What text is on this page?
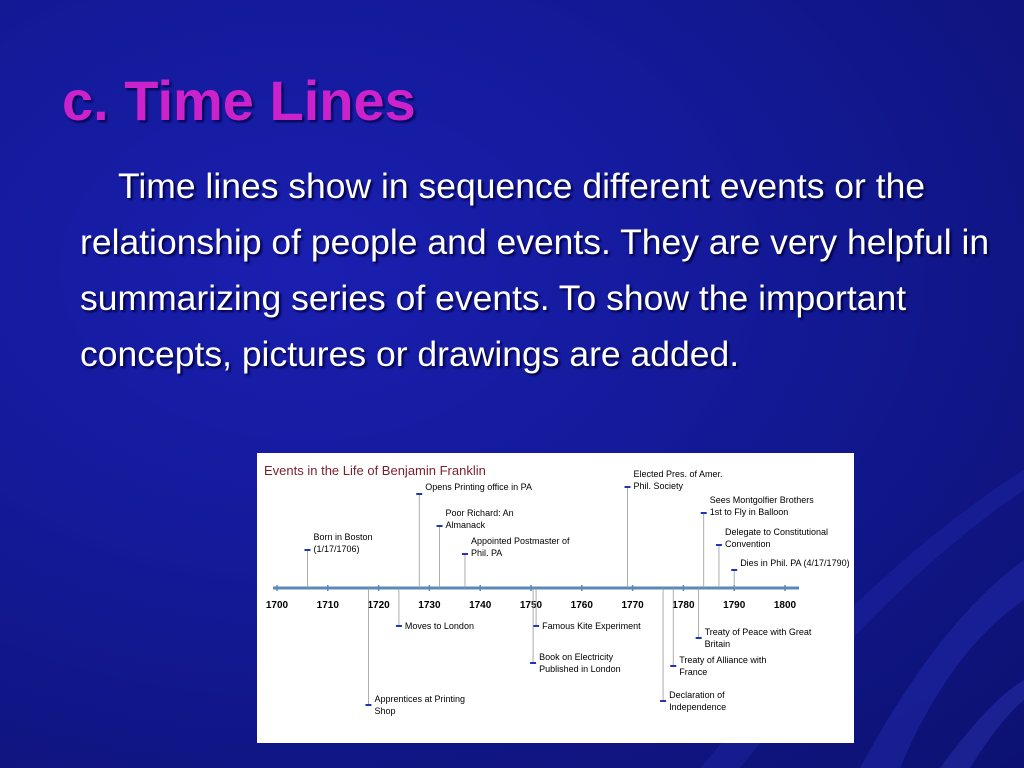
c. Time Lines

Time lines show in sequence different events or the relationship of people and events. They are very helpful in summarizing series of events. To show the important concepts, pictures or drawings are added.

Events in the Life of Benjamin Franklin
1700	1710	1720	1730	1740	1750	1760	1770	1780	1790	1800
Born in Boston
(1/17/1706)
Opens Printing office in PA
Poor Richard: An
Almanack
Appointed Postmaster of
Phil. PA
Elected Pres. of Amer.
Phil. Society
Sees Montgolfier Brothers
1st to Fly in Balloon
Delegate to Constitutional
Convention
Dies in Phil. PA (4/17/1790)
Apprentices at Printing
Shop
Moves to London	Famous Kite Experiment
Book on Electricity
Published in London
Declaration of
Independence
Treaty of Alliance with
France
Treaty of Peace with Great
Britain
